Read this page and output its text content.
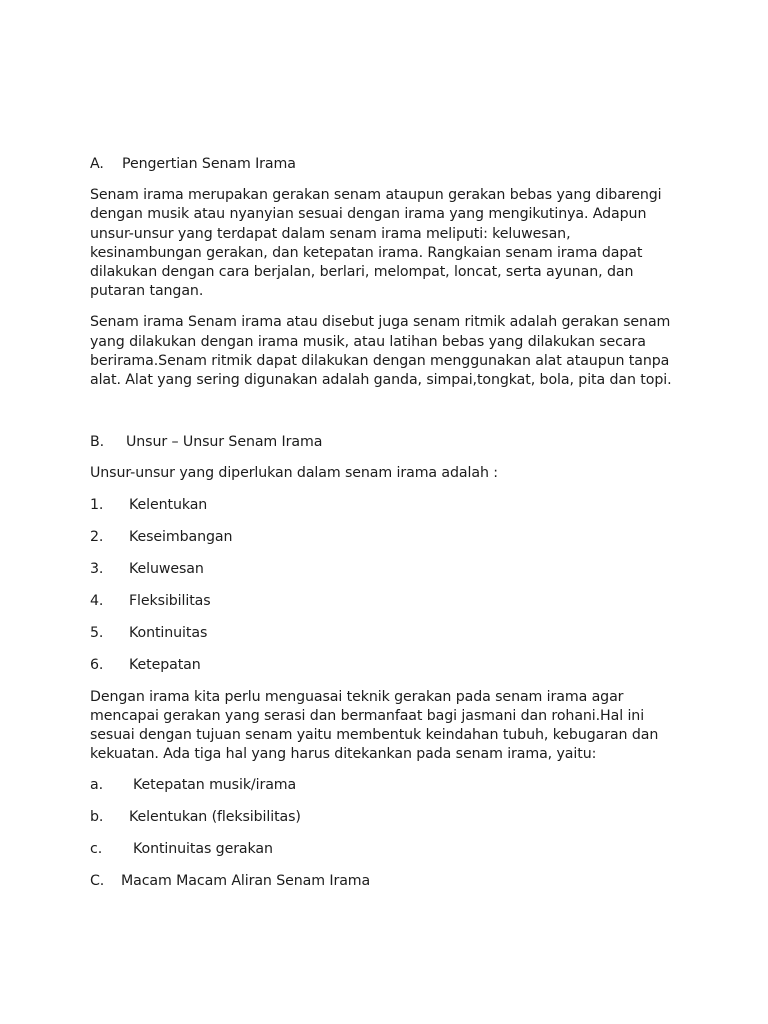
A.	Pengertian Senam Irama

Senam irama merupakan gerakan senam ataupun gerakan bebas yang dibarengi

dengan musik atau nyanyian sesuai dengan irama yang mengikutinya. Adapun

unsur-unsur yang terdapat dalam senam irama meliputi: keluwesan,

kesinambungan gerakan, dan ketepatan irama. Rangkaian senam irama dapat

dilakukan dengan cara berjalan, berlari, melompat, loncat, serta ayunan, dan

putaran tangan.

Senam irama Senam irama atau disebut juga senam ritmik adalah gerakan senam

yang dilakukan dengan irama musik, atau latihan bebas yang dilakukan secara

berirama.Senam ritmik dapat dilakukan dengan menggunakan alat ataupun tanpa

alat. Alat yang sering digunakan adalah ganda, simpai,tongkat, bola, pita dan topi.

B.	Unsur – Unsur Senam Irama

Unsur-unsur yang diperlukan dalam senam irama adalah :

1.	Kelentukan
2.	Keseimbangan
3.	Keluwesan
4.	Fleksibilitas
5.	Kontinuitas
6.	Ketepatan

Dengan irama kita perlu menguasai teknik gerakan pada senam irama agar

mencapai gerakan yang serasi dan bermanfaat bagi jasmani dan rohani.Hal ini

sesuai dengan tujuan senam yaitu membentuk keindahan tubuh, kebugaran dan

kekuatan. Ada tiga hal yang harus ditekankan pada senam irama, yaitu:

a.	Ketepatan musik/irama
b.	Kelentukan (fleksibilitas)
c.	Kontinuitas gerakan
C.	Macam Macam Aliran Senam Irama
